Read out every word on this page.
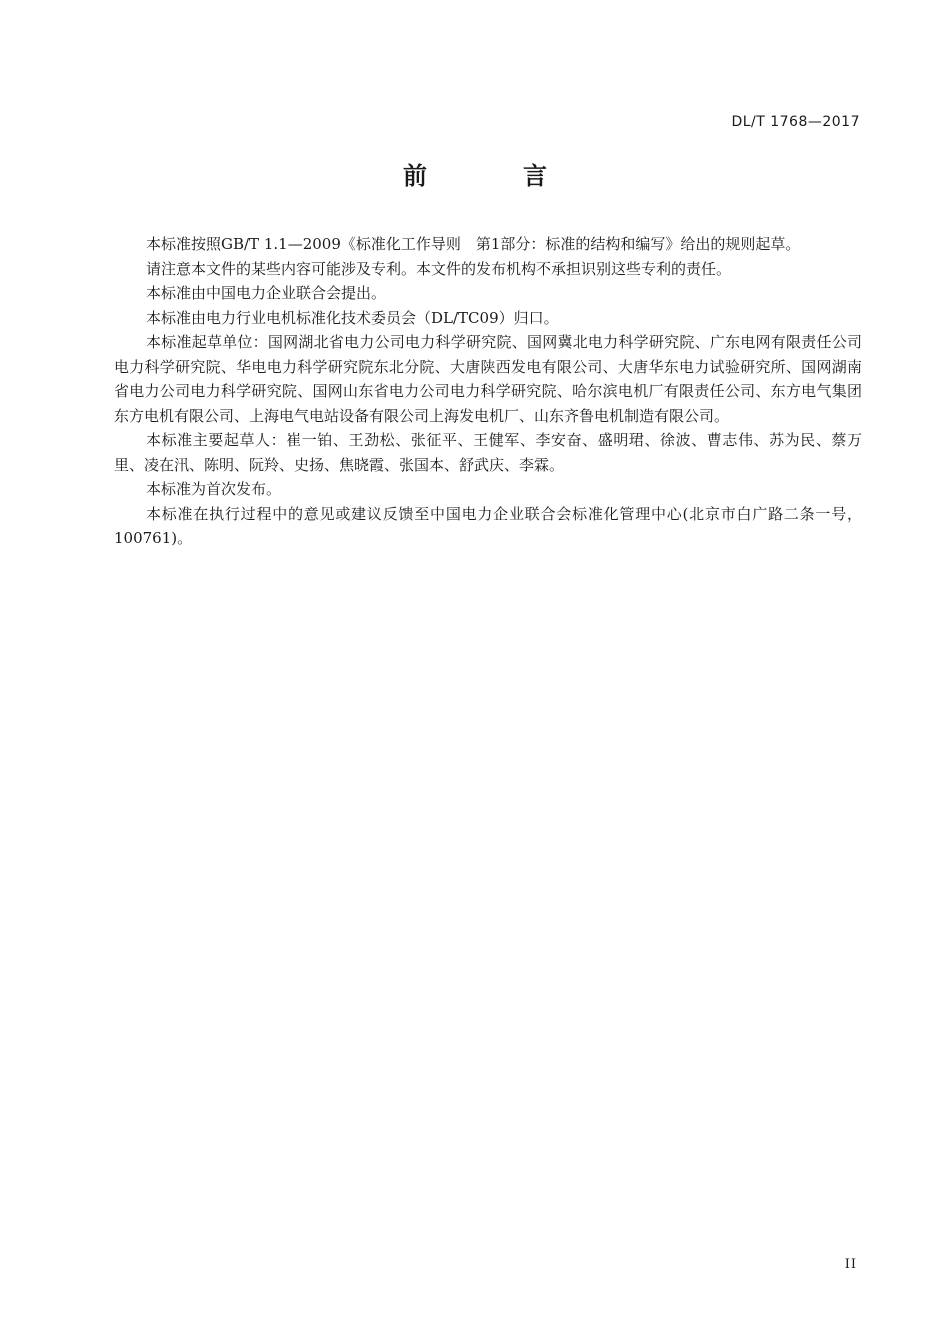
DL/T 1768—2017
前　言

本标准按照GB/T 1.1—2009《标准化工作导则　第1部分：标准的结构和编写》给出的规则起草。

请注意本文件的某些内容可能涉及专利。本文件的发布机构不承担识别这些专利的责任。

本标准由中国电力企业联合会提出。

本标准由电力行业电机标准化技术委员会（DL/TC09）归口。

本标准起草单位：国网湖北省电力公司电力科学研究院、国网冀北电力科学研究院、广东电网有限责任公司电力科学研究院、华电电力科学研究院东北分院、大唐陕西发电有限公司、大唐华东电力试验研究所、国网湖南省电力公司电力科学研究院、国网山东省电力公司电力科学研究院、哈尔滨电机厂有限责任公司、东方电气集团东方电机有限公司、上海电气电站设备有限公司上海发电机厂、山东齐鲁电机制造有限公司。

本标准主要起草人：崔一铂、王劲松、张征平、王健军、李安奋、盛明珺、徐波、曹志伟、苏为民、蔡万里、凌在汛、陈明、阮羚、史扬、焦晓霞、张国本、舒武庆、李霖。

本标准为首次发布。

本标准在执行过程中的意见或建议反馈至中国电力企业联合会标准化管理中心(北京市白广路二条一号，100761)。

II
